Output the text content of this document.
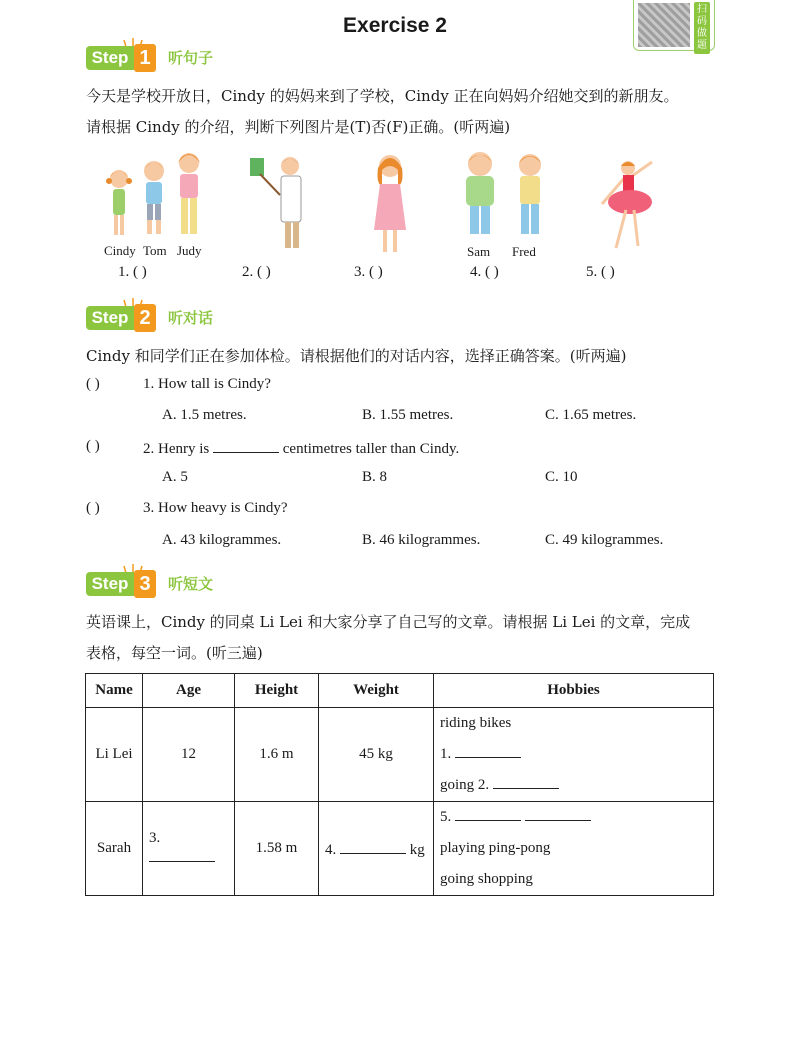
Exercise 2
扫码做题
Step 1	听句子
今天是学校开放日，Cindy 的妈妈来到了学校，Cindy 正在向妈妈介绍她交到的新朋友。
请根据 Cindy 的介绍，判断下列图片是(T)否(F)正确。(听两遍)
Cindy Tom Judy	Sam Fred
1. ( )	2. ( )	3. ( )	4. ( )	5. ( )
Step 2	听对话
Cindy 和同学们正在参加体检。请根据他们的对话内容，选择正确答案。(听两遍)
( )	1. How tall is Cindy?
A. 1.5 metres.	B. 1.55 metres.	C. 1.65 metres.
( )	2. Henry is	centimetres taller than Cindy.
A. 5	B. 8	C. 10
( )	3. How heavy is Cindy?
A. 43 kilogrammes.	B. 46 kilogrammes.	C. 49 kilogrammes.
Step 3	听短文
英语课上，Cindy 的同桌 Li Lei 和大家分享了自己写的文章。请根据 Li Lei 的文章，完成
表格，每空一词。(听三遍)
Name	Age	Height	Weight	Hobbies
Li Lei	12	1.6 m	45 kg	riding bikes
1.
going 2.

Sarah	3.	1.58 m	4. kg	5.
playing ping-pong
going shopping
